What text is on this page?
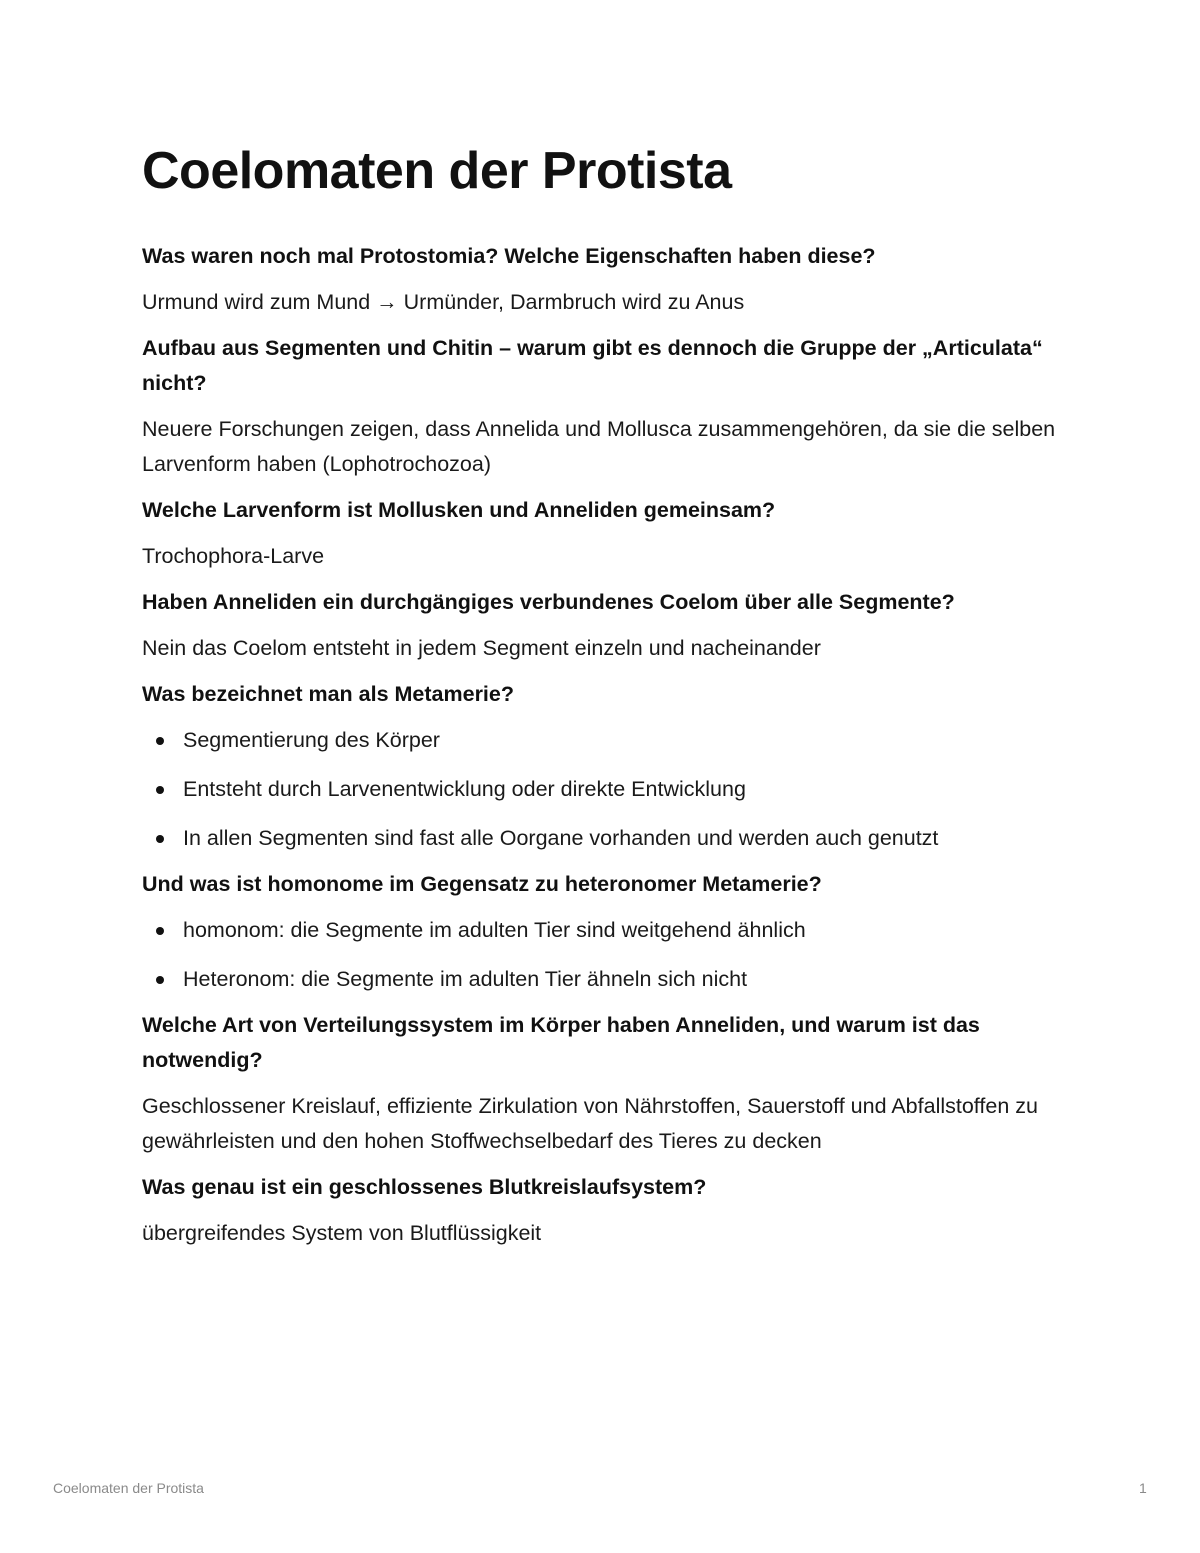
Coelomaten der Protista
Was waren noch mal Protostomia? Welche Eigenschaften haben diese?
Urmund wird zum Mund → Urmünder, Darmbruch wird zu Anus
Aufbau aus Segmenten und Chitin – warum gibt es dennoch die Gruppe der „Articulata“ nicht?
Neuere Forschungen zeigen, dass Annelida und Mollusca zusammengehören, da sie die selben Larvenform haben (Lophotrochozoa)
Welche Larvenform ist Mollusken und Anneliden gemeinsam?
Trochophora-Larve
Haben Anneliden ein durchgängiges verbundenes Coelom über alle Segmente?
Nein das Coelom entsteht in jedem Segment einzeln und nacheinander
Was bezeichnet man als Metamerie?
Segmentierung des Körper
Entsteht durch Larvenentwicklung oder direkte Entwicklung
In allen Segmenten sind fast alle Oorgane vorhanden und werden auch genutzt
Und was ist homonome im Gegensatz zu heteronomer Metamerie?
homonom: die Segmente im adulten Tier sind weitgehend ähnlich
Heteronom: die Segmente im adulten Tier ähneln sich nicht
Welche Art von Verteilungssystem im Körper haben Anneliden, und warum ist das notwendig?
Geschlossener Kreislauf, effiziente Zirkulation von Nährstoffen, Sauerstoff und Abfallstoffen zu gewährleisten und den hohen Stoffwechselbedarf des Tieres zu decken
Was genau ist ein geschlossenes Blutkreislaufsystem?
übergreifendes System von Blutflüssigkeit
Coelomaten der Protista	1
